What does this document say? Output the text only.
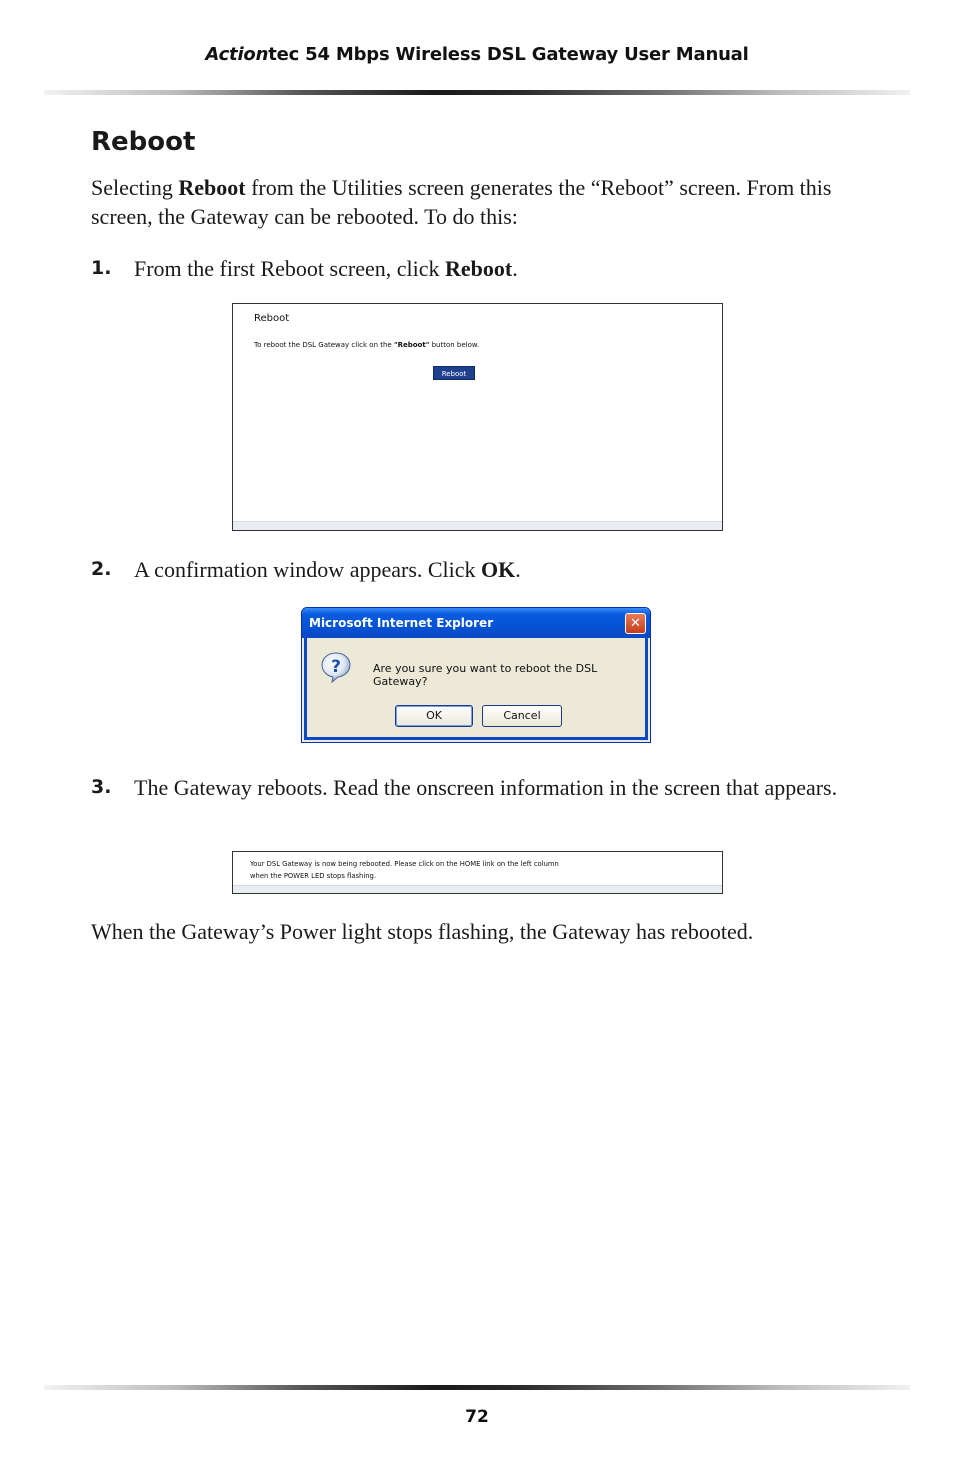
Actiontec 54 Mbps Wireless DSL Gateway User Manual
Reboot

Selecting Reboot from the Utilities screen generates the “Reboot” screen. From this screen, the Gateway can be rebooted. To do this:

1. From the first Reboot screen, click Reboot.
Reboot
To reboot the DSL Gateway click on the "Reboot" button below.
Reboot
2. A confirmation window appears. Click OK.
Microsoft Internet Explorer	✕
?	Are you sure you want to reboot the DSL Gateway?
OK	Cancel
3. The Gateway reboots. Read the onscreen information in the screen that appears.
Your DSL Gateway is now being rebooted. Please click on the HOME link on the left column
when the POWER LED stops flashing.

When the Gateway’s Power light stops flashing, the Gateway has rebooted.

72
